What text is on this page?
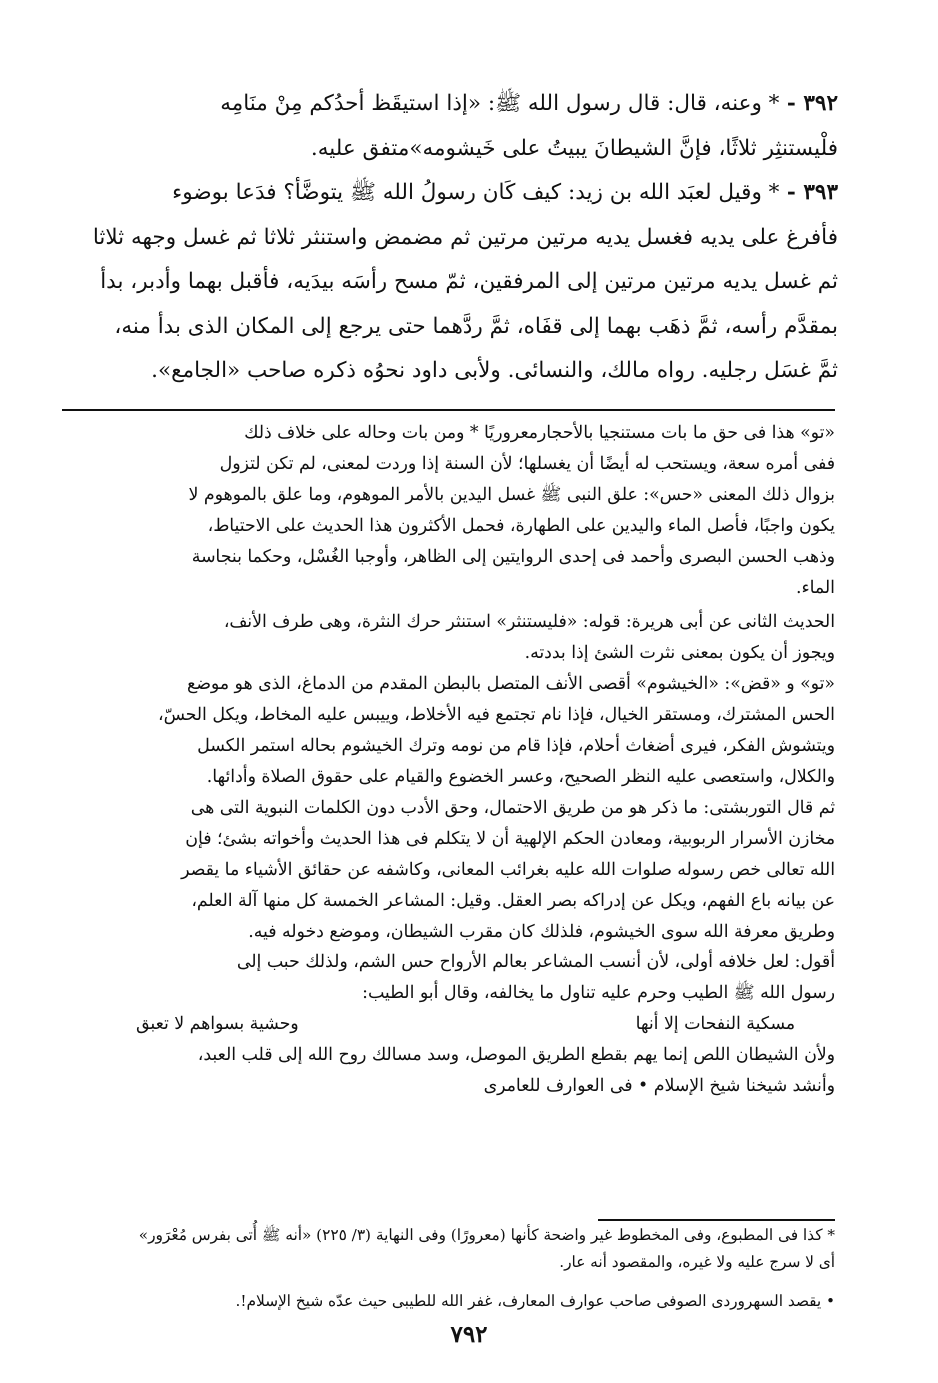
٣٩٢ - * وعنه، قال: قال رسول الله ﷺ: «إذا استيقَظ أحدُكم مِنْ منَامِه
فلْيستنثِر ثلاثًا، فإنَّ الشيطانَ يبيتُ على خَيشومه»متفق عليه.

٣٩٣ - * وقيل لعبَد الله بن زيد: كيف كَان رسولُ الله ﷺ يتوضَّأ؟ فدَعا بوضوء
فأفرغ على يديه فغسل يديه مرتين مرتين ثم مضمض واستنثر ثلاثا ثم غسل وجهه ثلاثا
ثم غسل يديه مرتين مرتين إلى المرفقين، ثمّ مسح رأسَه بيدَيه، فأقبل بهما وأدبر، بدأ
بمقدَّم رأسه، ثمَّ ذهَب بهما إلى قفَاه، ثمَّ ردَّهما حتى يرجع إلى المكان الذى بدأ منه،
ثمَّ غسَل رجليه. رواه مالك، والنسائى. ولأبى داود نحوُه ذكره صاحب «الجامع».

«تو» هذا فى حق ما بات مستنجيا بالأحجارمعروريًا * ومن بات وحاله على خلاف ذلك
ففى أمره سعة، ويستحب له أيضًا أن يغسلها؛ لأن السنة إذا وردت لمعنى، لم تكن لتزول
بزوال ذلك المعنى «حس»: علق النبى ﷺ غسل اليدين بالأمر الموهوم، وما علق بالموهوم لا
يكون واجبًا، فأصل الماء واليدين على الطهارة، فحمل الأكثرون هذا الحديث على الاحتياط،
وذهب الحسن البصرى وأحمد فى إحدى الروايتين إلى الظاهر، وأوجبا الغُسْل، وحكما بنجاسة
الماء.

الحديث الثانى عن أبى هريرة: قوله: «فليستنثر» استنثر حرك النثرة، وهى طرف الأنف،
ويجوز أن يكون بمعنى نثرت الشئ إذا بددته.

«تو» و «قض»: «الخيشوم» أقصى الأنف المتصل بالبطن المقدم من الدماغ، الذى هو موضع
الحس المشترك، ومستقر الخيال، فإذا نام تجتمع فيه الأخلاط، وييبس عليه المخاط، ويكل الحسّ،
ويتشوش الفكر، فيرى أضغاث أحلام، فإذا قام من نومه وترك الخيشوم بحاله استمر الكسل
والكلال، واستعصى عليه النظر الصحيح، وعسر الخضوع والقيام على حقوق الصلاة وأدائها.

ثم قال التوربشتى: ما ذكر هو من طريق الاحتمال، وحق الأدب دون الكلمات النبوية التى هى
مخازن الأسرار الربوبية، ومعادن الحكم الإلهية أن لا يتكلم فى هذا الحديث وأخواته بشئ؛ فإن
الله تعالى خص رسوله صلوات الله عليه بغرائب المعانى، وكاشفه عن حقائق الأشياء ما يقصر
عن بيانه باع الفهم، ويكل عن إدراكه بصر العقل. وقيل: المشاعر الخمسة كل منها آلة العلم،
وطريق معرفة الله سوى الخيشوم، فلذلك كان مقرب الشيطان، وموضع دخوله فيه.

أقول: لعل خلافه أولى، لأن أنسب المشاعر بعالم الأرواح حس الشم، ولذلك حبب إلى
رسول الله ﷺ الطيب وحرم عليه تناول ما يخالفه، وقال أبو الطيب:

مسكية النفحات إلا أنها
وحشية بسواهم لا تعبق

ولأن الشيطان اللص إنما يهم بقطع الطريق الموصل، وسد مسالك روح الله إلى قلب العبد،
وأنشد شيخنا شيخ الإسلام • فى العوارف للعامرى

* كذا فى المطبوع، وفى المخطوط غير واضحة كأنها (معرورًا) وفى النهاية (٣/ ٢٢٥) «أنه ﷺ أُتى بفرس مُعْرَور»
أى لا سرج عليه ولا غيره، والمقصود أنه عار.

• يقصد السهروردى الصوفى صاحب عوارف المعارف، غفر الله للطيبى حيث عدّه شيخ الإسلام!.

٧٩٢
